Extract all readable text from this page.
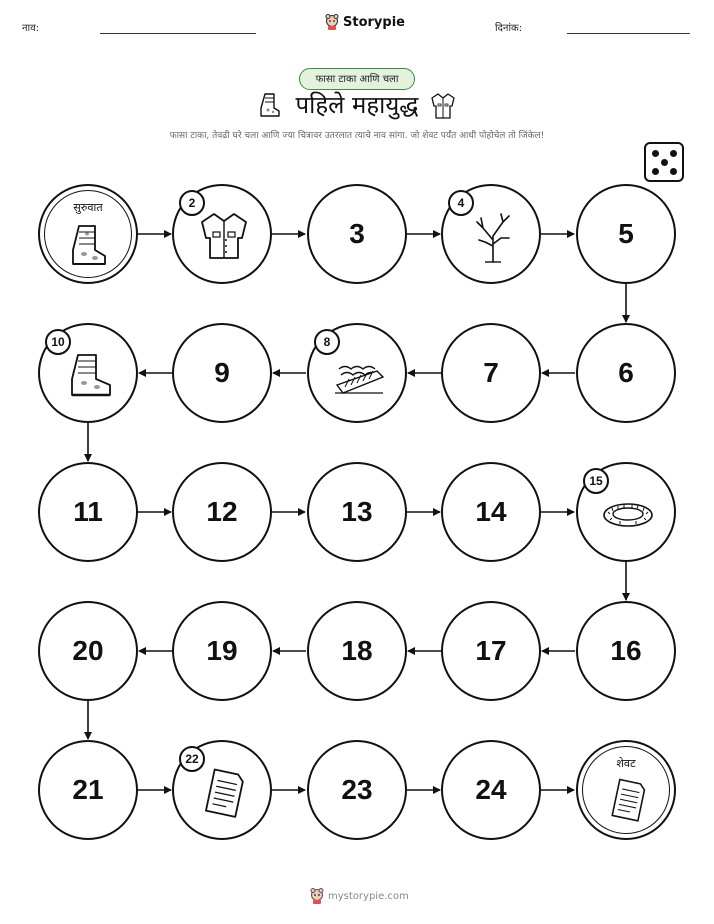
नाव:	Storypie	दिनांक:
फासा टाका आणि चला
पहिले महायुद्ध
फासा टाका, तेवढी घरे चला आणि ज्या चित्रावर उतरलात त्याचे नाव सांगा. जो शेवट पर्यंत आधी पोहोचेल तो जिंकेल!
सुरुवात	2
3
4
5
10
9
8
7	6
11	12	13	14
15
20	19	18	17	16
21
22
23	24
शेवट
mystorypie.com
